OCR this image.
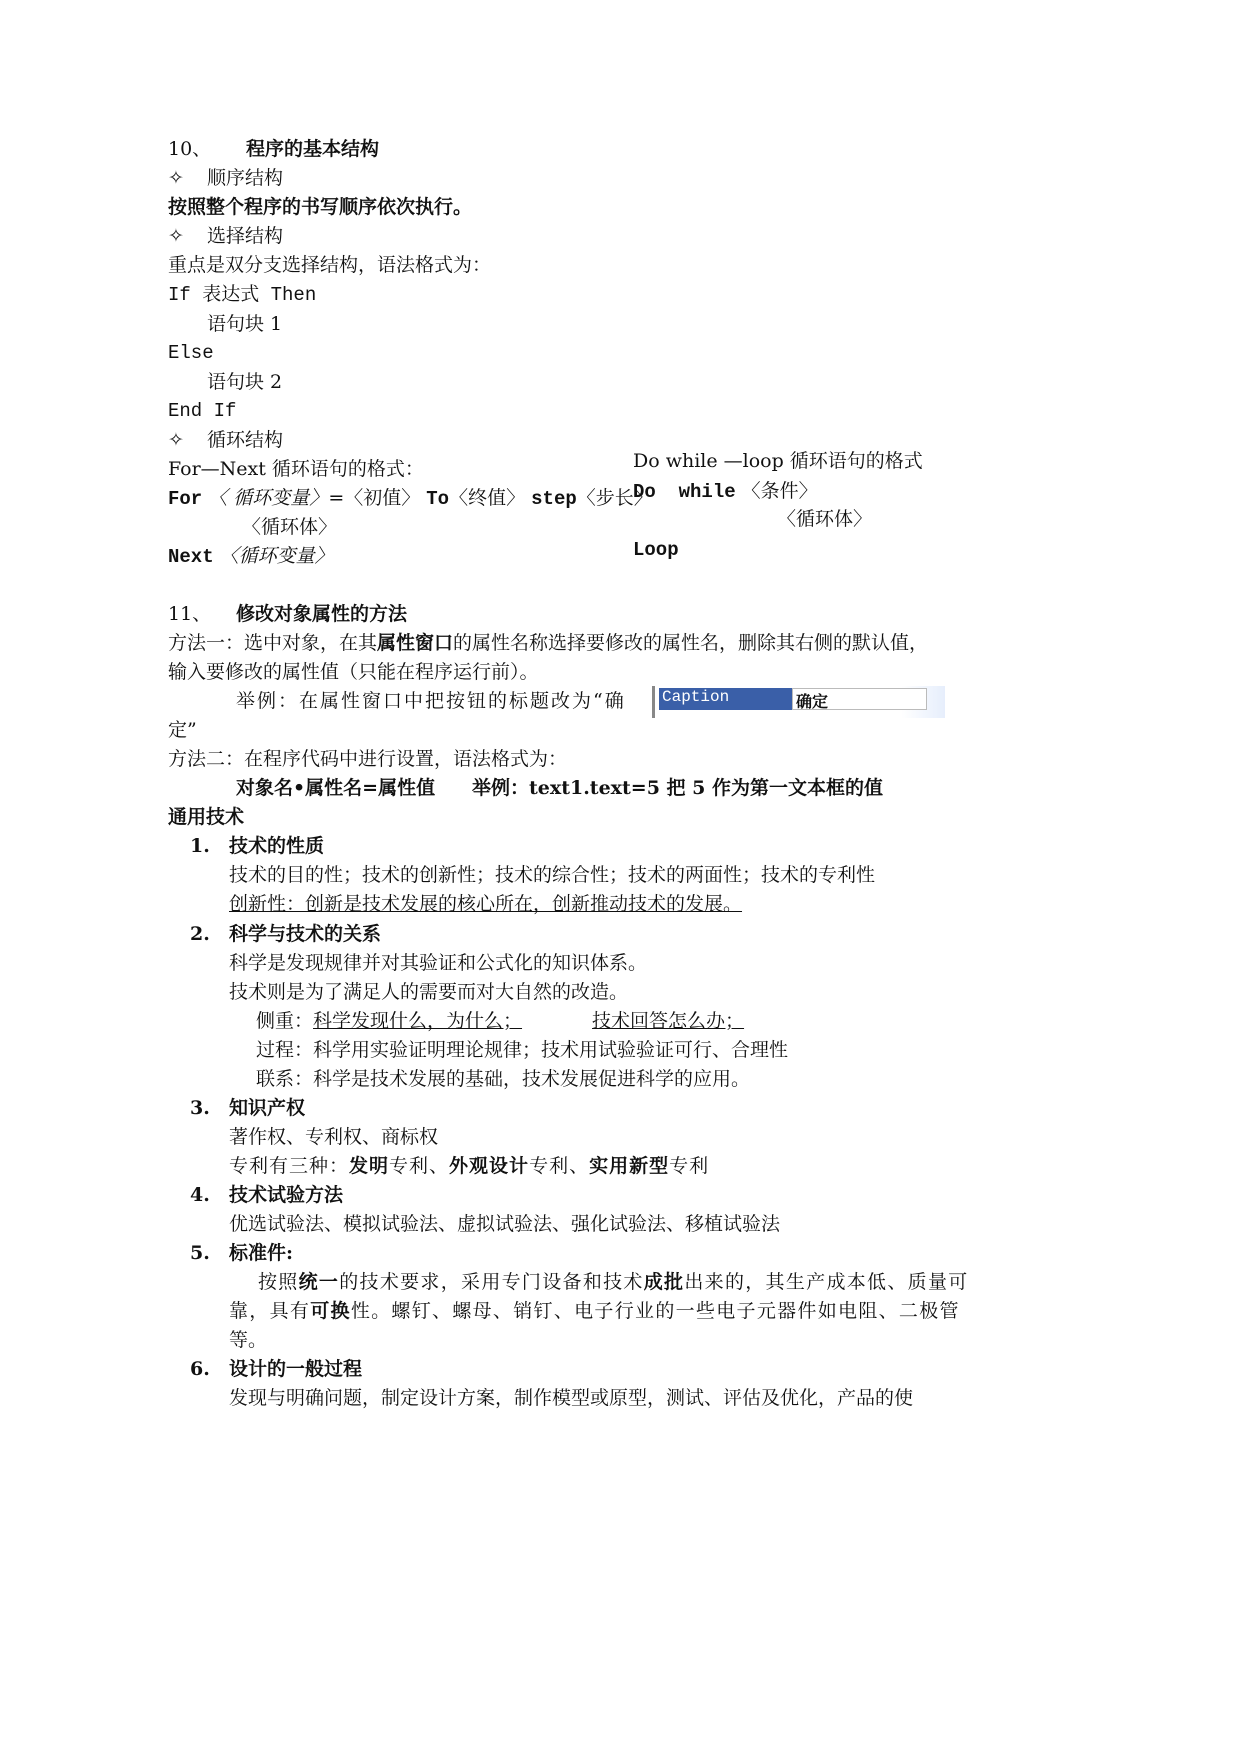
10、 程序的基本结构
✧ 顺序结构
按照整个程序的书写顺序依次执行。
✧ 选择结构
重点是双分支选择结构，语法格式为：
If 表达式 Then
语句块 1
Else
语句块 2
End If
✧ 循环结构
For—Next 循环语句的格式：
For 〈 循环变量〉=〈初值〉 To〈终值〉 step〈步长〉
〈循环体〉
Next 〈循环变量〉
Do while —loop 循环语句的格式
Do  while 〈条件〉
〈循环体〉
Loop
11、 修改对象属性的方法
方法一：选中对象，在其属性窗口的属性名称选择要修改的属性名，删除其右侧的默认值，
输入要修改的属性值（只能在程序运行前）。
举例：在属性窗口中把按钮的标题改为“确 Caption	确定
定”
方法二：在程序代码中进行设置，语法格式为：
对象名•属性名=属性值 举例：text1.text=5 把 5 作为第一文本框的值
通用技术
1. 技术的性质
技术的目的性；技术的创新性；技术的综合性；技术的两面性；技术的专利性
创新性：创新是技术发展的核心所在，创新推动技术的发展。
2. 科学与技术的关系
科学是发现规律并对其验证和公式化的知识体系。
技术则是为了满足人的需要而对大自然的改造。
侧重：科学发现什么，为什么；	技术回答怎么办；
过程：科学用实验证明理论规律；技术用试验验证可行、合理性
联系：科学是技术发展的基础，技术发展促进科学的应用。
3. 知识产权
著作权、专利权、商标权
专利有三种：发明专利、外观设计专利、实用新型专利
4. 技术试验方法
优选试验法、模拟试验法、虚拟试验法、强化试验法、移植试验法
5. 标准件:
按照统一的技术要求，采用专门设备和技术成批出来的，其生产成本低、质量可
靠，具有可换性。螺钉、螺母、销钉、电子行业的一些电子元器件如电阻、二极管
等。
6. 设计的一般过程
发现与明确问题，制定设计方案，制作模型或原型，测试、评估及优化，产品的使
